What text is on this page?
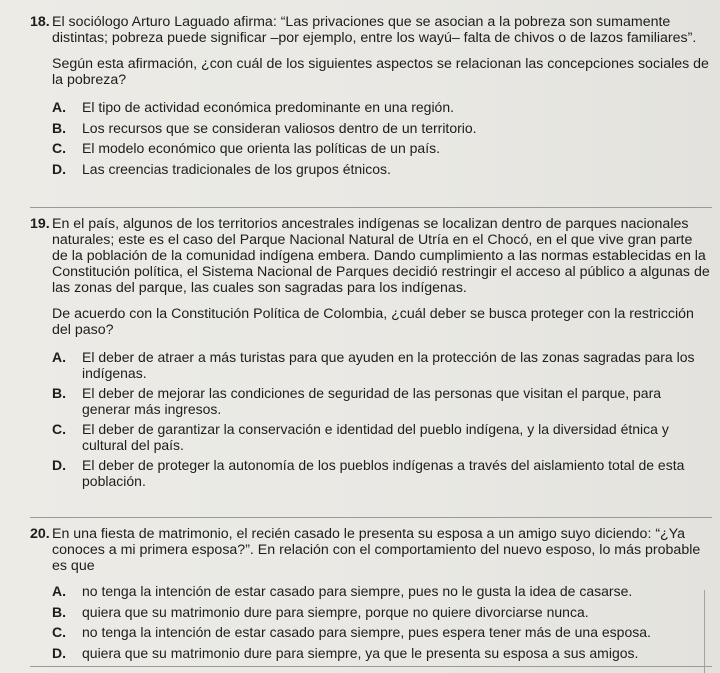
18. El sociólogo Arturo Laguado afirma: “Las privaciones que se asocian a la pobreza son sumamente distintas; pobreza puede significar –por ejemplo, entre los wayú– falta de chivos o de lazos familiares”.
Según esta afirmación, ¿con cuál de los siguientes aspectos se relacionan las concepciones sociales de la pobreza?
A.	El tipo de actividad económica predominante en una región.
B.	Los recursos que se consideran valiosos dentro de un territorio.
C.	El modelo económico que orienta las políticas de un país.
D.	Las creencias tradicionales de los grupos étnicos.
19. En el país, algunos de los territorios ancestrales indígenas se localizan dentro de parques nacionales naturales; este es el caso del Parque Nacional Natural de Utría en el Chocó, en el que vive gran parte de la población de la comunidad indígena embera. Dando cumplimiento a las normas establecidas en la Constitución política, el Sistema Nacional de Parques decidió restringir el acceso al público a algunas de las zonas del parque, las cuales son sagradas para los indígenas.
De acuerdo con la Constitución Política de Colombia, ¿cuál deber se busca proteger con la restricción del paso?
A.	El deber de atraer a más turistas para que ayuden en la protección de las zonas sagradas para los indígenas.
B.	El deber de mejorar las condiciones de seguridad de las personas que visitan el parque, para generar más ingresos.
C.	El deber de garantizar la conservación e identidad del pueblo indígena, y la diversidad étnica y cultural del país.
D.	El deber de proteger la autonomía de los pueblos indígenas a través del aislamiento total de esta población.
20. En una fiesta de matrimonio, el recién casado le presenta su esposa a un amigo suyo diciendo: “¿Ya conoces a mi primera esposa?”. En relación con el comportamiento del nuevo esposo, lo más probable es que
A.	no tenga la intención de estar casado para siempre, pues no le gusta la idea de casarse.
B.	quiera que su matrimonio dure para siempre, porque no quiere divorciarse nunca.
C.	no tenga la intención de estar casado para siempre, pues espera tener más de una esposa.
D.	quiera que su matrimonio dure para siempre, ya que le presenta su esposa a sus amigos.
